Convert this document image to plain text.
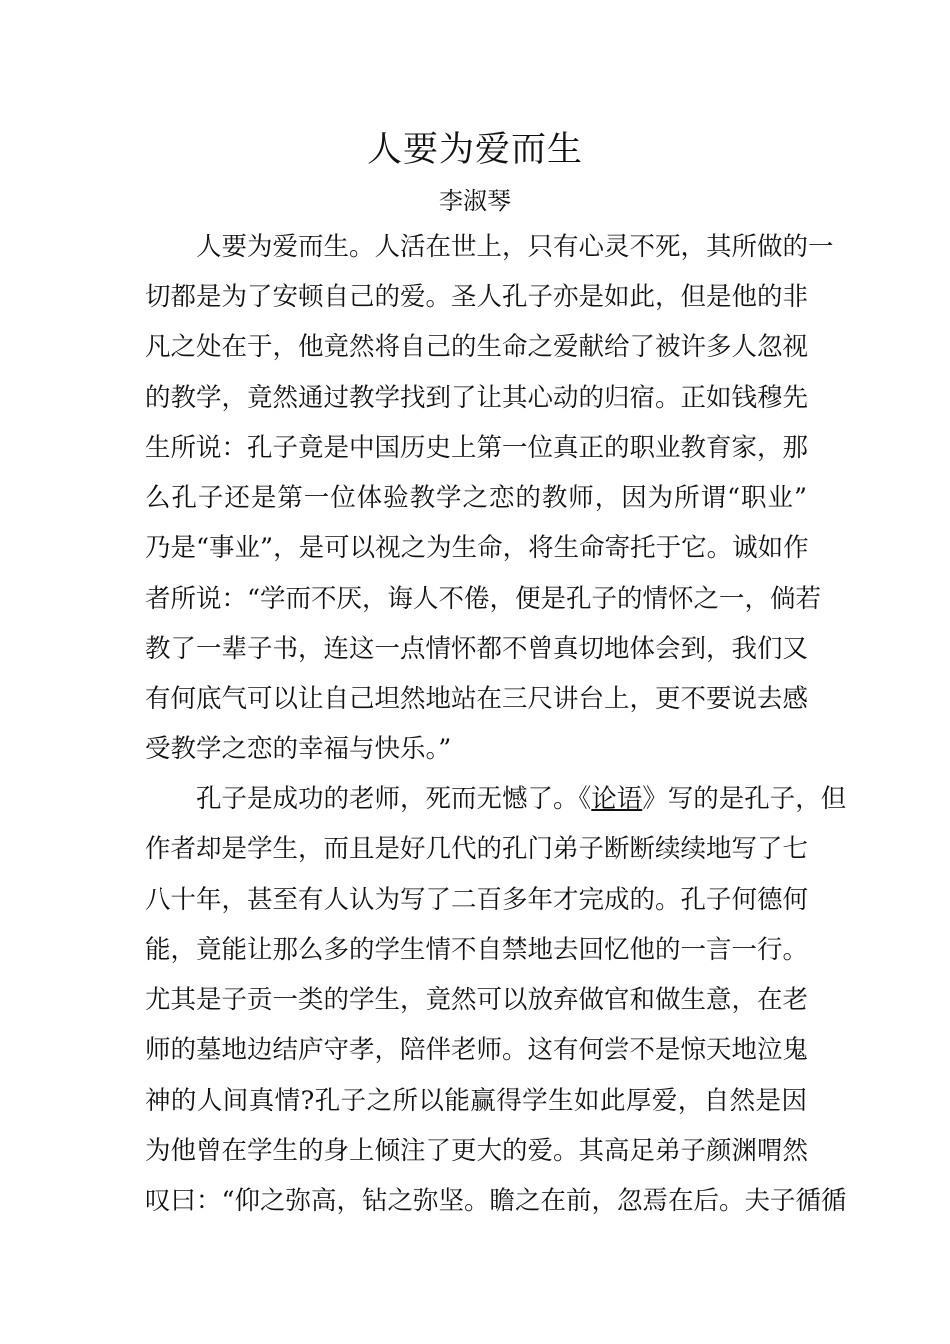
人要为爱而生
李淑琴
人要为爱而生。人活在世上，只有心灵不死，其所做的一
切都是为了安顿自己的爱。圣人孔子亦是如此，但是他的非
凡之处在于，他竟然将自己的生命之爱献给了被许多人忽视
的教学，竟然通过教学找到了让其心动的归宿。正如钱穆先
生所说：孔子竟是中国历史上第一位真正的职业教育家，那
么孔子还是第一位体验教学之恋的教师，因为所谓“职业”
乃是“事业”，是可以视之为生命，将生命寄托于它。诚如作
者所说：“学而不厌，诲人不倦，便是孔子的情怀之一，倘若
教了一辈子书，连这一点情怀都不曾真切地体会到，我们又
有何底气可以让自己坦然地站在三尺讲台上，更不要说去感
受教学之恋的幸福与快乐。”
孔子是成功的老师，死而无憾了。《论语》写的是孔子，但
作者却是学生，而且是好几代的孔门弟子断断续续地写了七
八十年，甚至有人认为写了二百多年才完成的。孔子何德何
能，竟能让那么多的学生情不自禁地去回忆他的一言一行。
尤其是子贡一类的学生，竟然可以放弃做官和做生意，在老
师的墓地边结庐守孝，陪伴老师。这有何尝不是惊天地泣鬼
神的人间真情?孔子之所以能赢得学生如此厚爱，自然是因
为他曾在学生的身上倾注了更大的爱。其高足弟子颜渊喟然
叹曰：“仰之弥高，钻之弥坚。瞻之在前，忽焉在后。夫子循循
